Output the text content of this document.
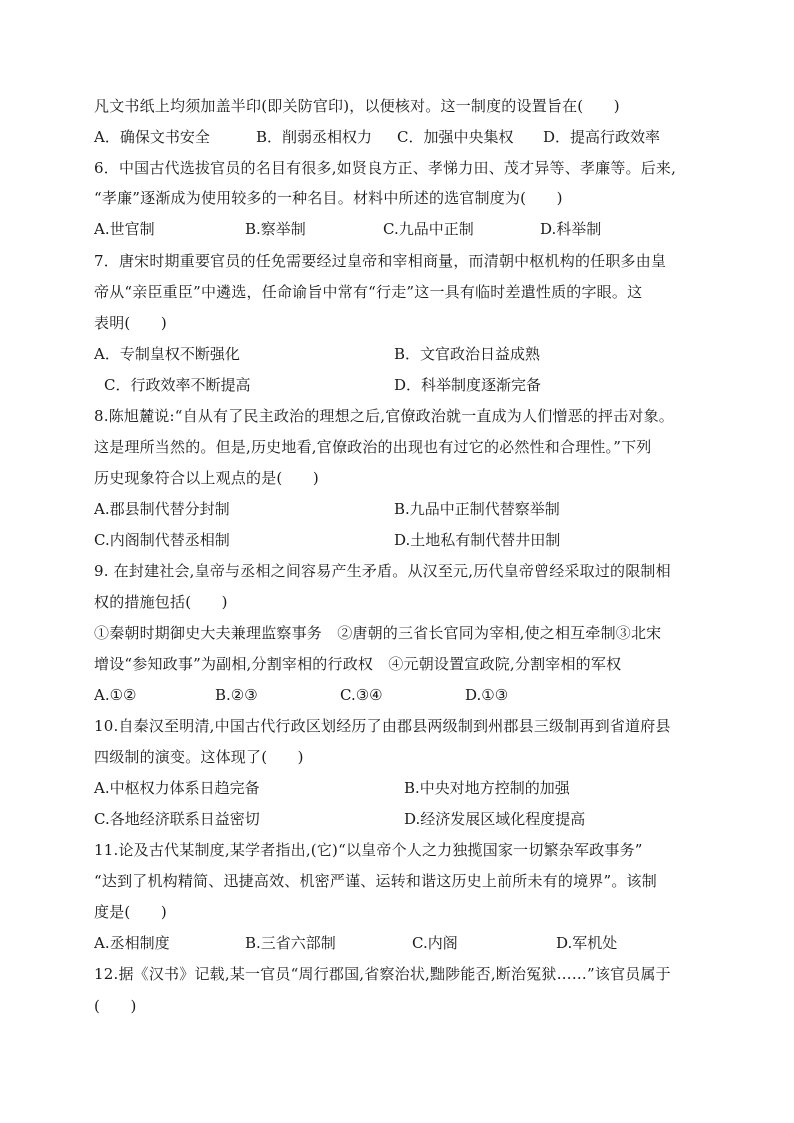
凡文书纸上均须加盖半印(即关防官印)，以便核对。这一制度的设置旨在(　　)
A．确保文书安全	B．削弱丞相权力 C．加强中央集权 D．提高行政效率
6．中国古代选拔官员的名目有很多,如贤良方正、孝悌力田、茂才异等、孝廉等。后来,
“孝廉”逐渐成为使用较多的一种名目。材料中所述的选官制度为(　　)
A.世官制	B.察举制	C.九品中正制	D.科举制
7．唐宋时期重要官员的任免需要经过皇帝和宰相商量，而清朝中枢机构的任职多由皇
帝从“亲臣重臣”中遴选，任命谕旨中常有“行走”这一具有临时差遣性质的字眼。这
表明(　　)
A．专制皇权不断强化	B．文官政治日益成熟
C．行政效率不断提高	D．科举制度逐渐完备
8.陈旭麓说:“自从有了民主政治的理想之后,官僚政治就一直成为人们憎恶的抨击对象。
这是理所当然的。但是,历史地看,官僚政治的出现也有过它的必然性和合理性。”下列
历史现象符合以上观点的是(　　)
A.郡县制代替分封制	B.九品中正制代替察举制
C.内阁制代替丞相制	D.土地私有制代替井田制
9. 在封建社会,皇帝与丞相之间容易产生矛盾。从汉至元,历代皇帝曾经采取过的限制相
权的措施包括(　　)
①秦朝时期御史大夫兼理监察事务　②唐朝的三省长官同为宰相,使之相互牵制③北宋
增设“参知政事”为副相,分割宰相的行政权　④元朝设置宣政院,分割宰相的军权
A.①②	B.②③	C.③④	D.①③
10.自秦汉至明清,中国古代行政区划经历了由郡县两级制到州郡县三级制再到省道府县
四级制的演变。这体现了(　　)
A.中枢权力体系日趋完备	B.中央对地方控制的加强
C.各地经济联系日益密切	D.经济发展区域化程度提高
11.论及古代某制度,某学者指出,(它)“以皇帝个人之力独揽国家一切繁杂军政事务”
“达到了机构精简、迅捷高效、机密严谨、运转和谐这历史上前所未有的境界”。该制
度是(　　)
A.丞相制度	B.三省六部制	C.内阁	D.军机处
12.据《汉书》记载,某一官员“周行郡国,省察治状,黜陟能否,断治冤狱……”该官员属于
(　　)
